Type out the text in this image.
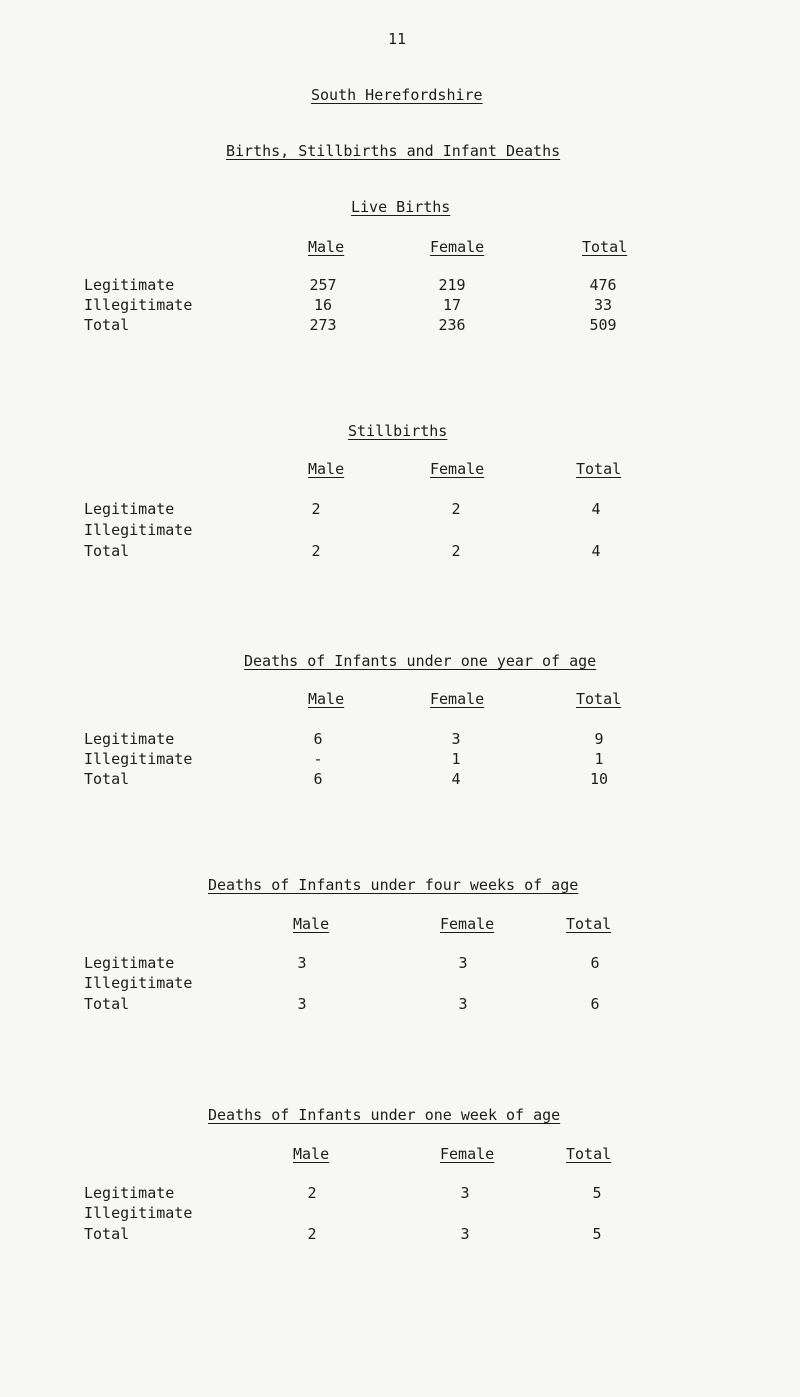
11
South Herefordshire
Births, Stillbirths and Infant Deaths
Live Births
Male	Female	Total
Legitimate	257	219	476
Illegitimate	16	17	33
Total	273	236	509
Stillbirths
Male	Female	Total
Legitimate	2	2	4
Illegitimate
Total	2	2	4
Deaths of Infants under one year of age
Male	Female	Total
Legitimate	6	3	9
Illegitimate	-	1	1
Total	6	4	10
Deaths of Infants under four weeks of age
Male	Female	Total
Legitimate	3	3	6
Illegitimate
Total	3	3	6
Deaths of Infants under one week of age
Male	Female	Total
Legitimate	2	3	5
Illegitimate
Total	2	3	5
